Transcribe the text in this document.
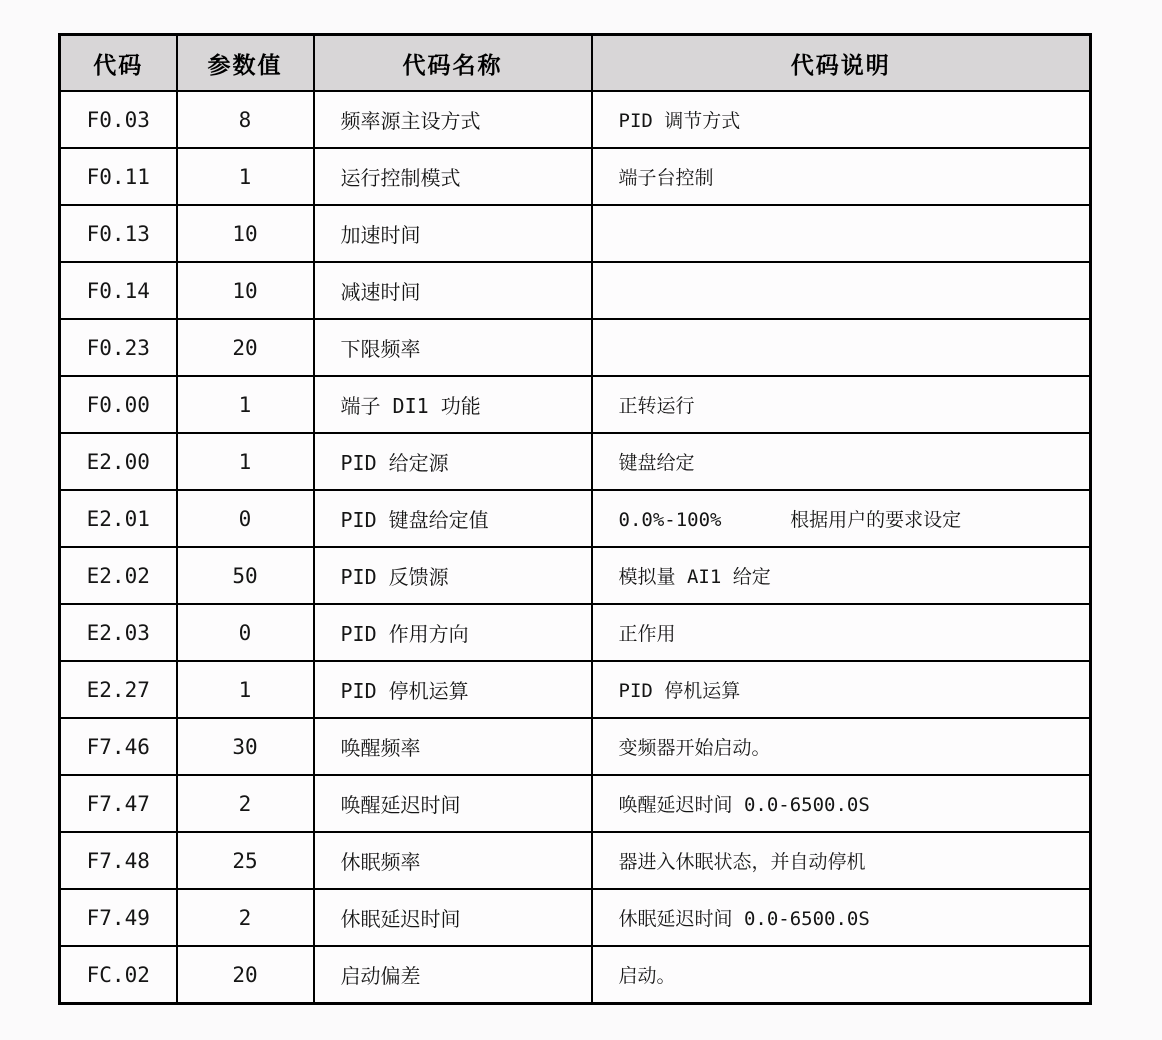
代码	参数值	代码名称	代码说明
F0.03	8	频率源主设方式	PID 调节方式
F0.11	1	运行控制模式	端子台控制
F0.13	10	加速时间	
F0.14	10	减速时间	
F0.23	20	下限频率	
F0.00	1	端子 DI1 功能	正转运行
E2.00	1	PID 给定源	键盘给定
E2.01	0	PID 键盘给定值	0.0%-100%      根据用户的要求设定
E2.02	50	PID 反馈源	模拟量 AI1 给定
E2.03	0	PID 作用方向	正作用
E2.27	1	PID 停机运算	PID 停机运算
F7.46	30	唤醒频率	变频器开始启动。
F7.47	2	唤醒延迟时间	唤醒延迟时间 0.0-6500.0S
F7.48	25	休眠频率	器进入休眠状态，并自动停机
F7.49	2	休眠延迟时间	休眠延迟时间 0.0-6500.0S
FC.02	20	启动偏差	启动。
